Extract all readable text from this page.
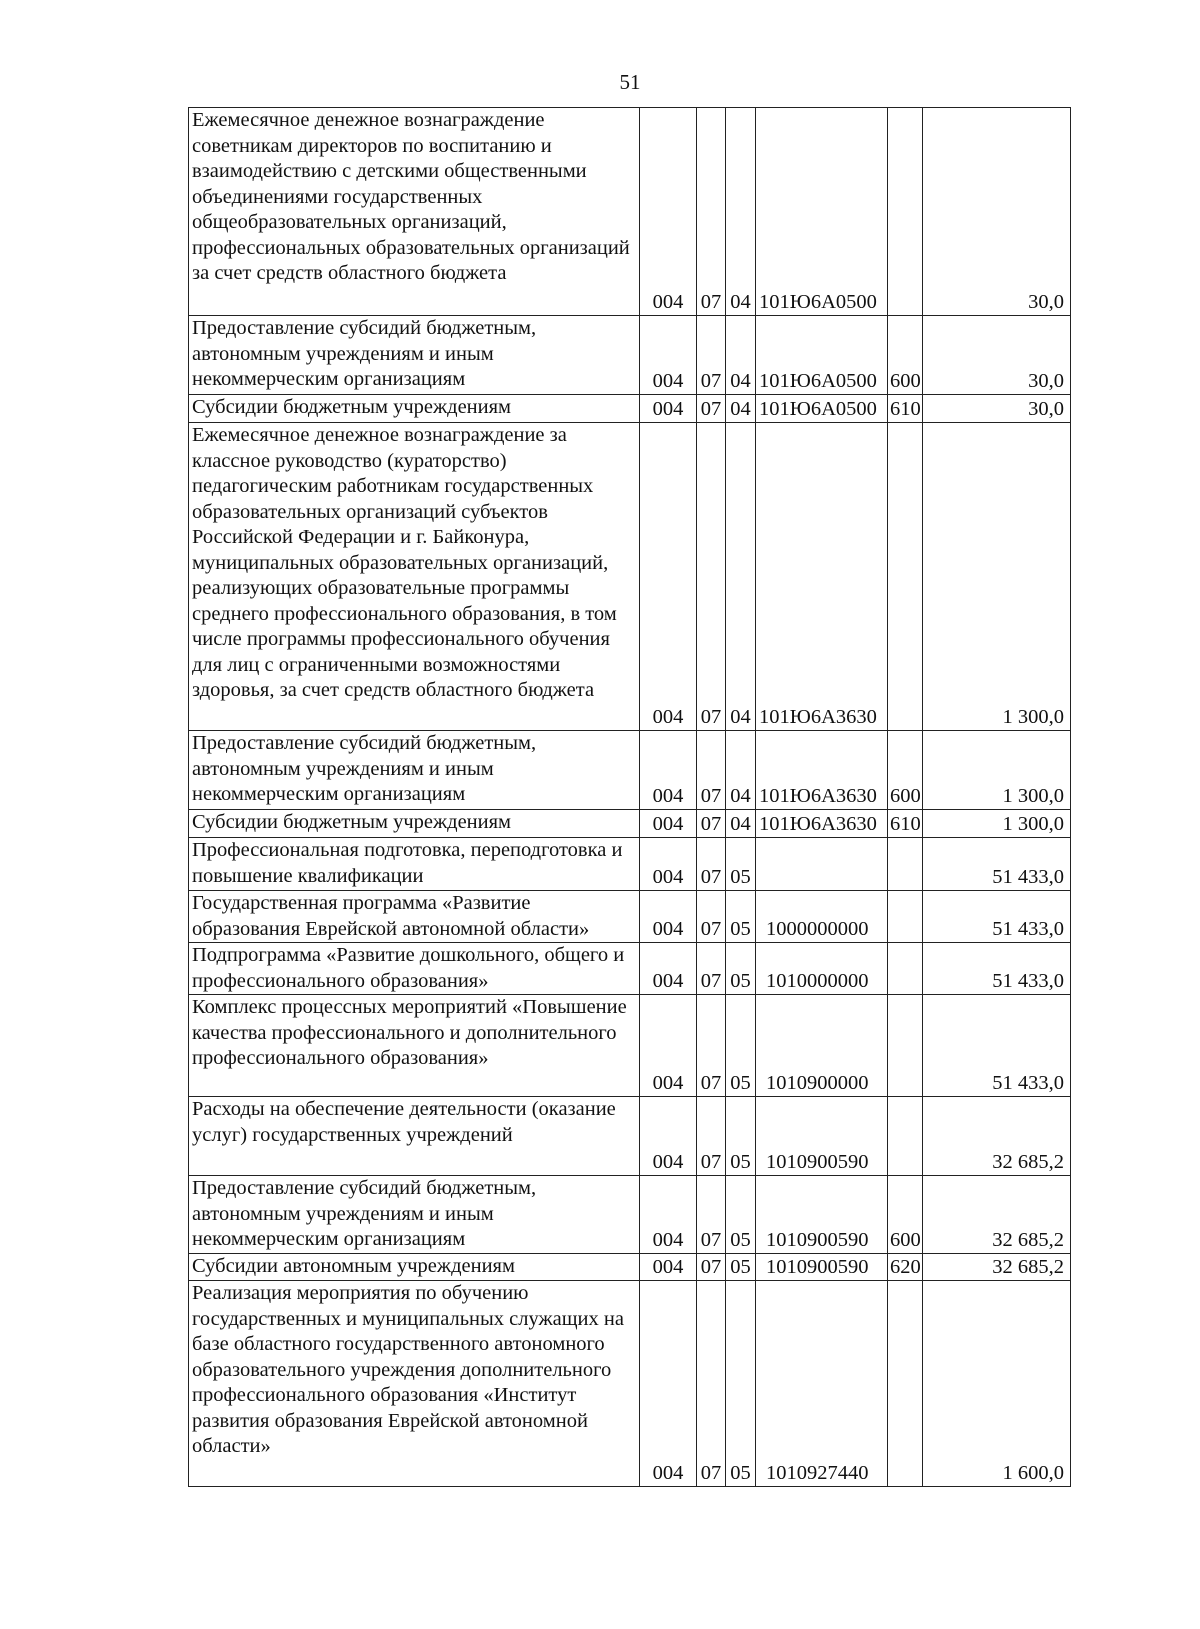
51
Ежемесячное денежное вознаграждение советникам директоров по воспитанию и взаимодействию с детскими общественными объединениями государственных общеобразовательных организаций, профессиональных образовательных организаций за счет средств областного бюджета	004	07	04	101Ю6А0500		30,0
Предоставление субсидий бюджетным, автономным учреждениям и иным некоммерческим организациям	004	07	04	101Ю6А0500	600	30,0
Субсидии бюджетным учреждениям	004	07	04	101Ю6А0500	610	30,0
Ежемесячное денежное вознаграждение за классное руководство (кураторство) педагогическим работникам государственных образовательных организаций субъектов Российской Федерации и г. Байконура, муниципальных образовательных организаций, реализующих образовательные программы среднего профессионального образования, в том числе программы профессионального обучения для лиц с ограниченными возможностями здоровья, за счет средств областного бюджета	004	07	04	101Ю6А3630		1 300,0
Предоставление субсидий бюджетным, автономным учреждениям и иным некоммерческим организациям	004	07	04	101Ю6А3630	600	1 300,0
Субсидии бюджетным учреждениям	004	07	04	101Ю6А3630	610	1 300,0
Профессиональная подготовка, переподготовка и повышение квалификации	004	07	05			51 433,0
Государственная программа «Развитие образования Еврейской автономной области»	004	07	05	1000000000		51 433,0
Подпрограмма «Развитие дошкольного, общего и профессионального образования»	004	07	05	1010000000		51 433,0
Комплекс процессных мероприятий «Повышение качества профессионального и дополнительного профессионального образования»	004	07	05	1010900000		51 433,0
Расходы на обеспечение деятельности (оказание услуг) государственных учреждений	004	07	05	1010900590		32 685,2
Предоставление субсидий бюджетным, автономным учреждениям и иным некоммерческим организациям	004	07	05	1010900590	600	32 685,2
Субсидии автономным учреждениям	004	07	05	1010900590	620	32 685,2
Реализация мероприятия по обучению государственных и муниципальных служащих на базе областного государственного автономного образовательного учреждения дополнительного профессионального образования «Институт развития образования Еврейской автономной области»	004	07	05	1010927440		1 600,0
